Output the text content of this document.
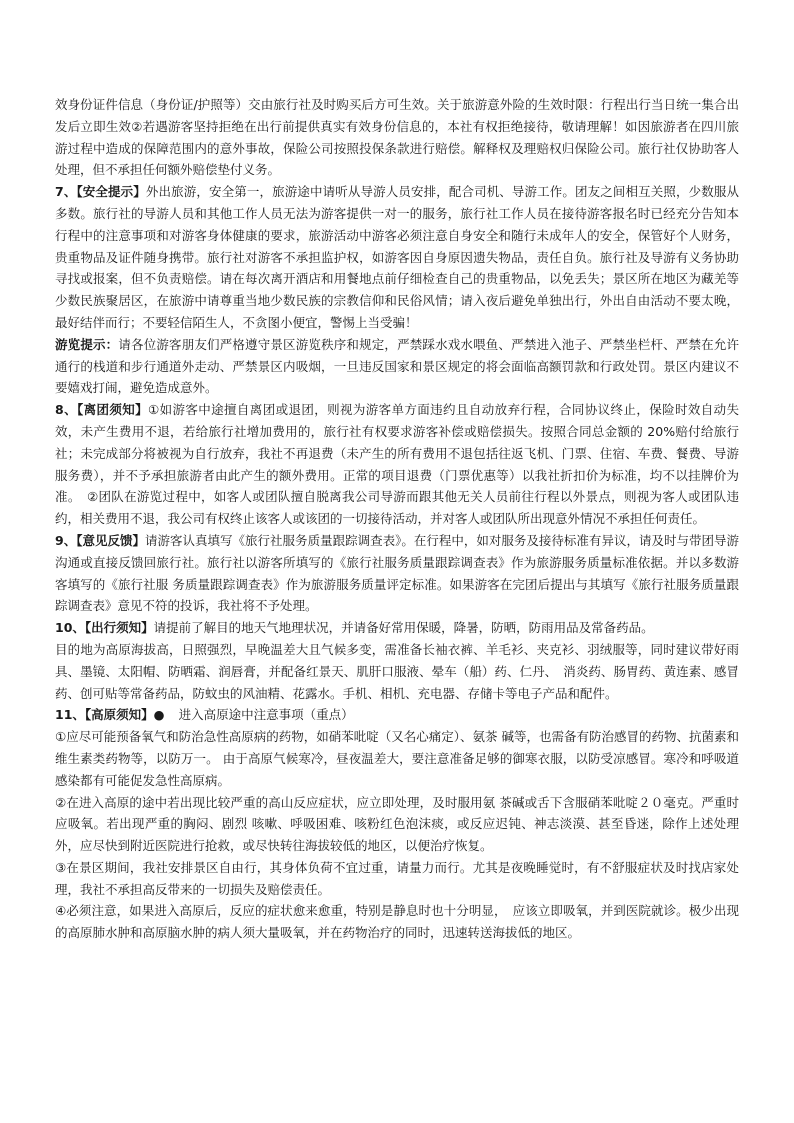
效身份证件信息（身份证/护照等）交由旅行社及时购买后方可生效。关于旅游意外险的生效时限：行程出行当日统一集合出发后立即生效②若遇游客坚持拒绝在出行前提供真实有效身份信息的，本社有权拒绝接待，敬请理解！如因旅游者在四川旅游过程中造成的保障范围内的意外事故，保险公司按照投保条款进行赔偿。解释权及理赔权归保险公司。旅行社仅协助客人处理，但不承担任何额外赔偿垫付义务。

7、【安全提示】外出旅游，安全第一，旅游途中请听从导游人员安排，配合司机、导游工作。团友之间相互关照，少数服从多数。旅行社的导游人员和其他工作人员无法为游客提供一对一的服务，旅行社工作人员在接待游客报名时已经充分告知本行程中的注意事项和对游客身体健康的要求，旅游活动中游客必须注意自身安全和随行未成年人的安全，保管好个人财务，贵重物品及证件随身携带。旅行社对游客不承担监护权，如游客因自身原因遗失物品，责任自负。旅行社及导游有义务协助寻找或报案，但不负责赔偿。请在每次离开酒店和用餐地点前仔细检查自己的贵重物品，以免丢失；景区所在地区为藏羌等少数民族聚居区，在旅游中请尊重当地少数民族的宗教信仰和民俗风情；请入夜后避免单独出行，外出自由活动不要太晚，最好结伴而行；不要轻信陌生人，不贪图小便宜，警惕上当受骗！

游览提示：请各位游客朋友们严格遵守景区游览秩序和规定，严禁踩水戏水喂鱼、严禁进入池子、严禁坐栏杆、严禁在允许通行的栈道和步行通道外走动、严禁景区内吸烟，一旦违反国家和景区规定的将会面临高额罚款和行政处罚。景区内建议不要嬉戏打闹，避免造成意外。

8、【离团须知】①如游客中途擅自离团或退团，则视为游客单方面违约且自动放弃行程，合同协议终止，保险时效自动失效，未产生费用不退，若给旅行社增加费用的，旅行社有权要求游客补偿或赔偿损失。按照合同总金额的 20%赔付给旅行社；未完成部分将被视为自行放弃，我社不再退费（未产生的所有费用不退包括往返飞机、门票、住宿、车费、餐费、导游服务费），并不予承担旅游者由此产生的额外费用。正常的项目退费（门票优惠等）以我社折扣价为标准，均不以挂牌价为准。 ②团队在游览过程中，如客人或团队擅自脱离我公司导游而跟其他无关人员前往行程以外景点，则视为客人或团队违约，相关费用不退，我公司有权终止该客人或该团的一切接待活动，并对客人或团队所出现意外情况不承担任何责任。

9、【意见反馈】请游客认真填写《旅行社服务质量跟踪调查表》。在行程中，如对服务及接待标准有异议，请及时与带团导游沟通或直接反馈回旅行社。旅行社以游客所填写的《旅行社服务质量跟踪调查表》作为旅游服务质量标准依据。并以多数游客填写的《旅行社服 务质量跟踪调查表》作为旅游服务质量评定标准。如果游客在完团后提出与其填写《旅行社服务质量跟踪调查表》意见不符的投诉，我社将不予处理。

10、【出行须知】请提前了解目的地天气地理状况，并请备好常用保暖，降暑，防晒，防雨用品及常备药品。

目的地为高原海拔高，日照强烈，早晚温差大且气候多变，需准备长袖衣裤、羊毛衫、夹克衫、羽绒服等，同时建议带好雨具、墨镜、太阳帽、防晒霜、润唇膏，并配备红景天、肌肝口服液、晕车（船）药、仁丹、 消炎药、肠胃药、黄连素、感冒药、创可贴等常备药品，防蚊虫的风油精、花露水。手机、相机、充电器、存储卡等电子产品和配件。

11、【高原须知】● 进入高原途中注意事项（重点）

①应尽可能预备氧气和防治急性高原病的药物，如硝苯吡啶（又名心痛定）、氨茶 碱等，也需备有防治感冒的药物、抗菌素和维生素类药物等，以防万一。 由于高原气候寒冷，昼夜温差大，要注意准备足够的御寒衣服，以防受凉感冒。寒冷和呼吸道感染都有可能促发急性高原病。

②在进入高原的途中若出现比较严重的高山反应症状，应立即处理，及时服用氨 茶碱或舌下含服硝苯吡啶２０毫克。严重时应吸氧。若出现严重的胸闷、剧烈 咳嗽、呼吸困难、咳粉红色泡沫痰，或反应迟钝、神志淡漠、甚至昏迷，除作上述处理外，应尽快到附近医院进行抢救，或尽快转往海拔较低的地区，以便治疗恢复。

③在景区期间，我社安排景区自由行，其身体负荷不宜过重，请量力而行。尤其是夜晚睡觉时，有不舒服症状及时找店家处理，我社不承担高反带来的一切损失及赔偿责任。

④必须注意，如果进入高原后，反应的症状愈来愈重，特别是静息时也十分明显， 应该立即吸氧，并到医院就诊。极少出现的高原肺水肿和高原脑水肿的病人须大量吸氧，并在药物治疗的同时，迅速转送海拔低的地区。
